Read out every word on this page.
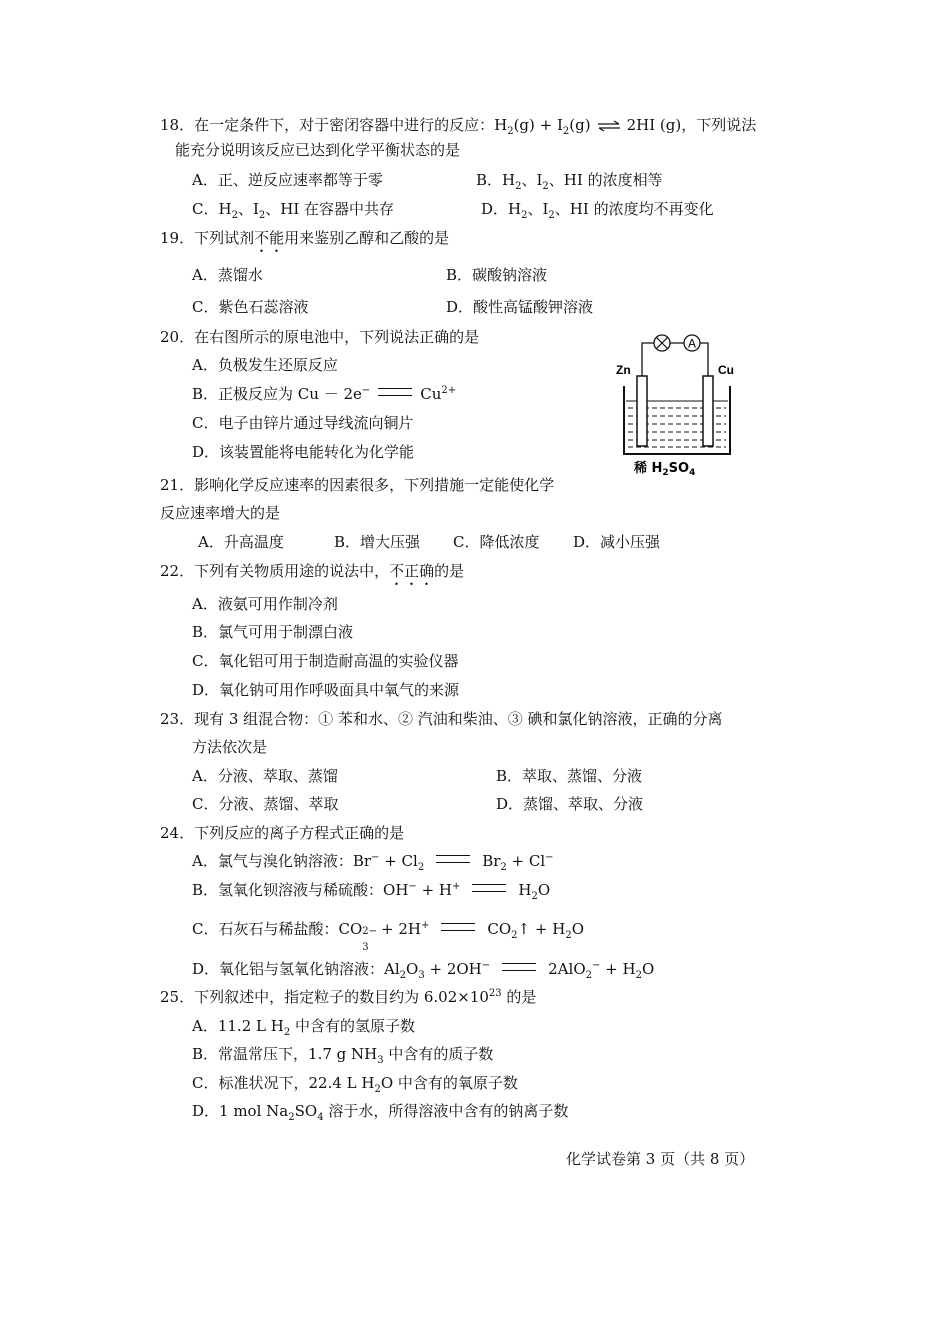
18．在一定条件下，对于密闭容器中进行的反应：$H_2(g) + I_2(g)$ ⇌ 2HI (g)，下列说法
能充分说明该反应已达到化学平衡状态的是
A．正、逆反应速率都等于零	B．$H_2$、$I_2$、HI 的浓度相等
C．$H_2$、$I_2$、HI 在容器中共存	D．$H_2$、$I_2$、HI 的浓度均不再变化
19．下列试剂不能用来鉴别乙醇和乙酸的是
A．蒸馏水	B．碳酸钠溶液
C．紫色石蕊溶液	D．酸性高锰酸钾溶液
20．在右图所示的原电池中，下列说法正确的是
A．负极发生还原反应
B．正极反应为 Cu － 2e−	$Cu^{2+}$
C．电子由锌片通过导线流向铜片
D．该装置能将电能转化为化学能
A
Zn	Cu
稀 $H_2SO_4$
21．影响化学反应速率的因素很多，下列措施一定能使化学
反应速率增大的是
A．升高温度	B．增大压强 C．降低浓度 D．减小压强
22．下列有关物质用途的说法中，不正确的是
A．液氨可用作制冷剂
B．氯气可用于制漂白液
C．氧化铝可用于制造耐高温的实验仪器
D．氧化钠可用作呼吸面具中氧气的来源
23．现有 3 组混合物：① 苯和水、② 汽油和柴油、③ 碘和氯化钠溶液，正确的分离
方法依次是
A．分液、萃取、蒸馏	B．萃取、蒸馏、分液
C．分液、蒸馏、萃取	D．蒸馏、萃取、分液
24．下列反应的离子方程式正确的是
A．氯气与溴化钠溶液：$Br^- + Cl_2$	$Br_2 + Cl^-$
B．氢氧化钡溶液与稀硫酸：OH− + H+	$H_2O$
C．石灰石与稀盐酸：CO 2−
3
+ 2H+	$CO_2↑ + H_2O$
D．氧化铝与氢氧化钠溶液：$Al_2O_3 + 2OH^-$	$2AlO_2^- + H_2O$
25．下列叙述中，指定粒子的数目约为 $6.02\times 10^{23}$ 的是
A．11.2 L $H_2$ 中含有的氢原子数
B．常温常压下，1.7 g $NH_3$ 中含有的质子数
C．标准状况下，22.4 L $H_2O$ 中含有的氧原子数
D．1 mol $Na_2SO_4$ 溶于水，所得溶液中含有的钠离子数
化学试卷第 3 页（共 8 页）
